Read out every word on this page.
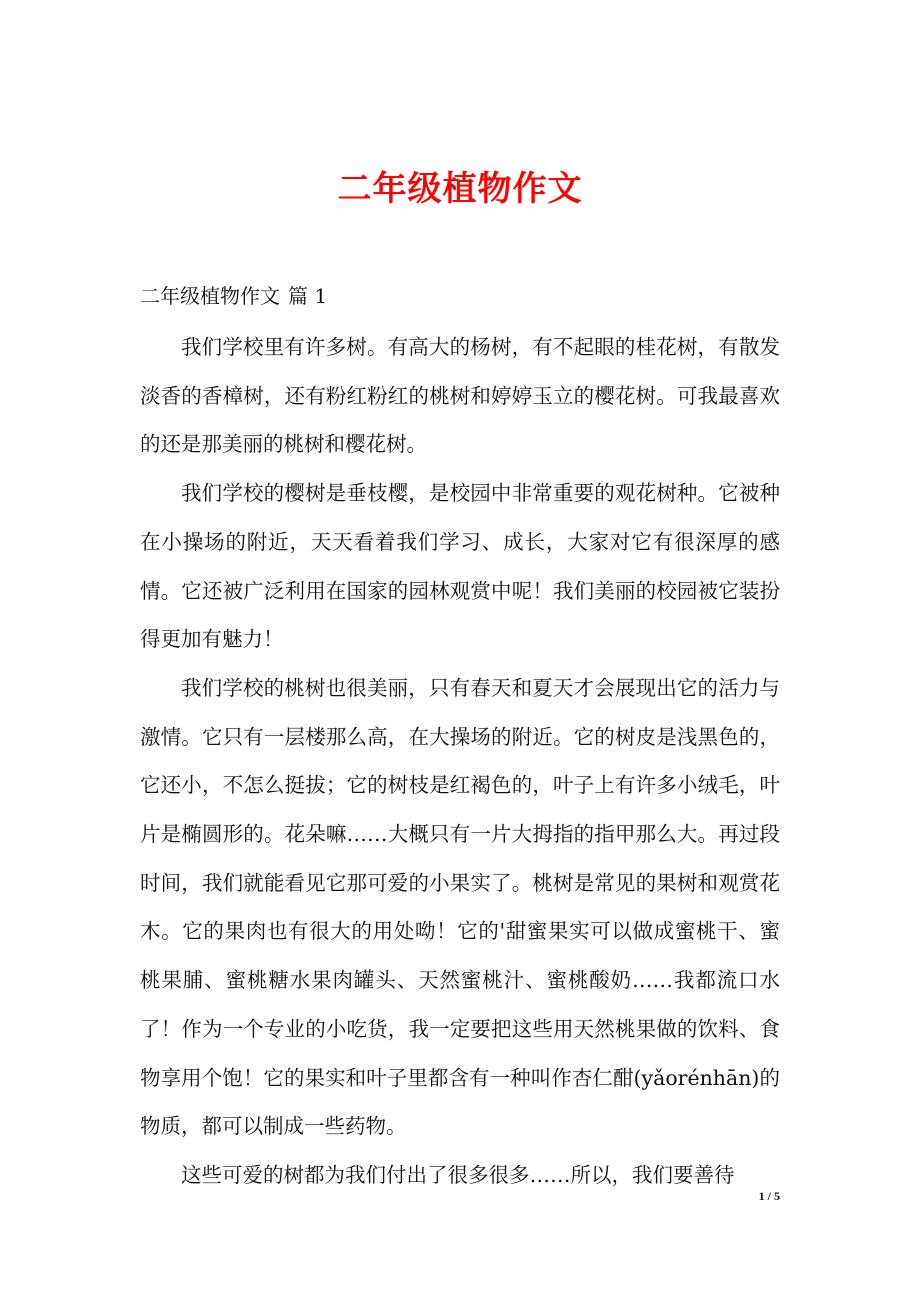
二年级植物作文
二年级植物作文 篇 1

我们学校里有许多树。有高大的杨树，有不起眼的桂花树，有散发淡香的香樟树，还有粉红粉红的桃树和婷婷玉立的樱花树。可我最喜欢的还是那美丽的桃树和樱花树。

我们学校的樱树是垂枝樱，是校园中非常重要的观花树种。它被种在小操场的附近，天天看着我们学习、成长，大家对它有很深厚的感情。它还被广泛利用在国家的园林观赏中呢！我们美丽的校园被它装扮得更加有魅力！

我们学校的桃树也很美丽，只有春天和夏天才会展现出它的活力与激情。它只有一层楼那么高，在大操场的附近。它的树皮是浅黑色的，它还小，不怎么挺拔；它的树枝是红褐色的，叶子上有许多小绒毛，叶片是椭圆形的。花朵嘛……大概只有一片大拇指的指甲那么大。再过段时间，我们就能看见它那可爱的小果实了。桃树是常见的果树和观赏花木。它的果肉也有很大的用处呦！它的'甜蜜果实可以做成蜜桃干、蜜桃果脯、蜜桃糖水果肉罐头、天然蜜桃汁、蜜桃酸奶……我都流口水了！作为一个专业的小吃货，我一定要把这些用天然桃果做的饮料、食物享用个饱！它的果实和叶子里都含有一种叫作杏仁酣(yǎorénhān)的物质，都可以制成一些药物。

这些可爱的树都为我们付出了很多很多……所以，我们要善待

1 / 5
